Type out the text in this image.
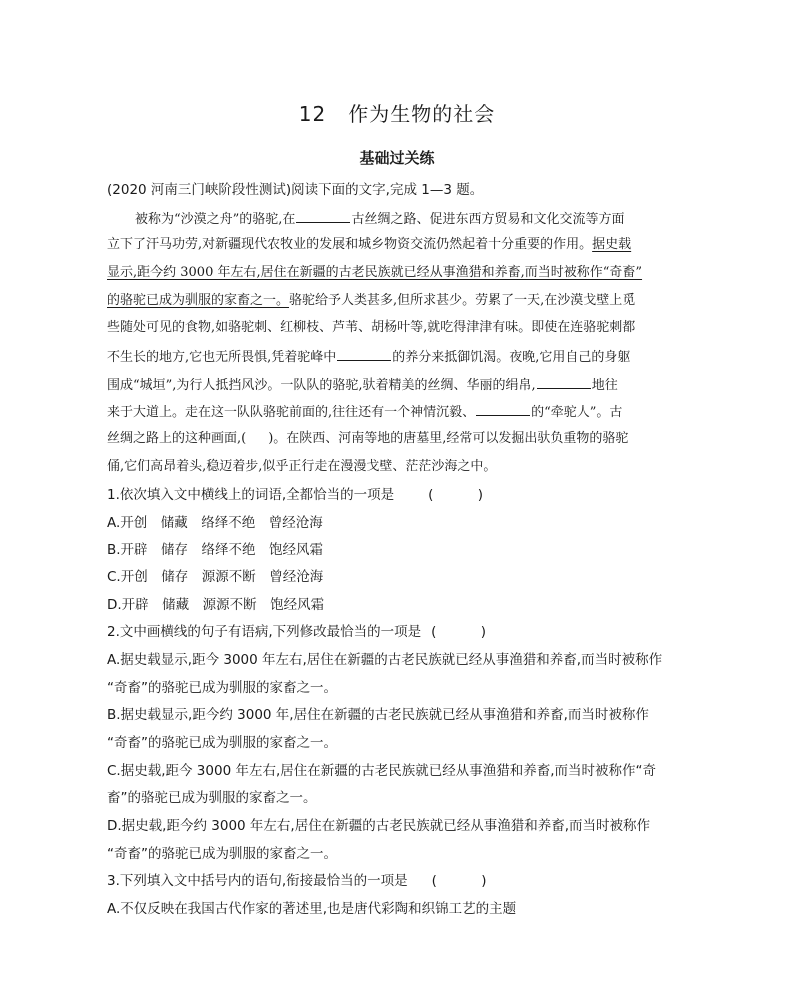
12 作为生物的社会
基础过关练
(2020 河南三门峡阶段性测试)阅读下面的文字,完成 1—3 题。
被称为“沙漠之舟”的骆驼,在	古丝绸之路、促进东西方贸易和文化交流等方面
立下了汗马功劳,对新疆现代农牧业的发展和城乡物资交流仍然起着十分重要的作用。据史载
显示,距今约 3000 年左右,居住在新疆的古老民族就已经从事渔猎和养畜,而当时被称作“奇畜”
的骆驼已成为驯服的家畜之一。骆驼给予人类甚多,但所求甚少。劳累了一天,在沙漠戈壁上觅
些随处可见的食物,如骆驼刺、红柳枝、芦苇、胡杨叶等,就吃得津津有味。即使在连骆驼刺都
不生长的地方,它也无所畏惧,凭着驼峰中	的养分来抵御饥渴。夜晚,它用自己的身躯
围成“城垣”,为行人抵挡风沙。一队队的骆驼,驮着精美的丝绸、华丽的绢帛,	地往
来于大道上。走在这一队队骆驼前面的,往往还有一个神情沉毅、	的“牵驼人”。古
丝绸之路上的这种画面,( )。在陕西、河南等地的唐墓里,经常可以发掘出驮负重物的骆驼
俑,它们高昂着头,稳迈着步,似乎正行走在漫漫戈壁、茫茫沙海之中。
1.依次填入文中横线上的词语,全都恰当的一项是	( )
A.开创　储藏　络绎不绝　曾经沧海
B.开辟　储存　络绎不绝　饱经风霜
C.开创　储存　源源不断　曾经沧海
D.开辟　储藏　源源不断　饱经风霜
2.文中画横线的句子有语病,下列修改最恰当的一项是 ( )
A.据史载显示,距今 3000 年左右,居住在新疆的古老民族就已经从事渔猎和养畜,而当时被称作
“奇畜”的骆驼已成为驯服的家畜之一。
B.据史载显示,距今约 3000 年,居住在新疆的古老民族就已经从事渔猎和养畜,而当时被称作
“奇畜”的骆驼已成为驯服的家畜之一。
C.据史载,距今 3000 年左右,居住在新疆的古老民族就已经从事渔猎和养畜,而当时被称作“奇
畜”的骆驼已成为驯服的家畜之一。
D.据史载,距今约 3000 年左右,居住在新疆的古老民族就已经从事渔猎和养畜,而当时被称作
“奇畜”的骆驼已成为驯服的家畜之一。
3.下列填入文中括号内的语句,衔接最恰当的一项是 ( )
A.不仅反映在我国古代作家的著述里,也是唐代彩陶和织锦工艺的主题
